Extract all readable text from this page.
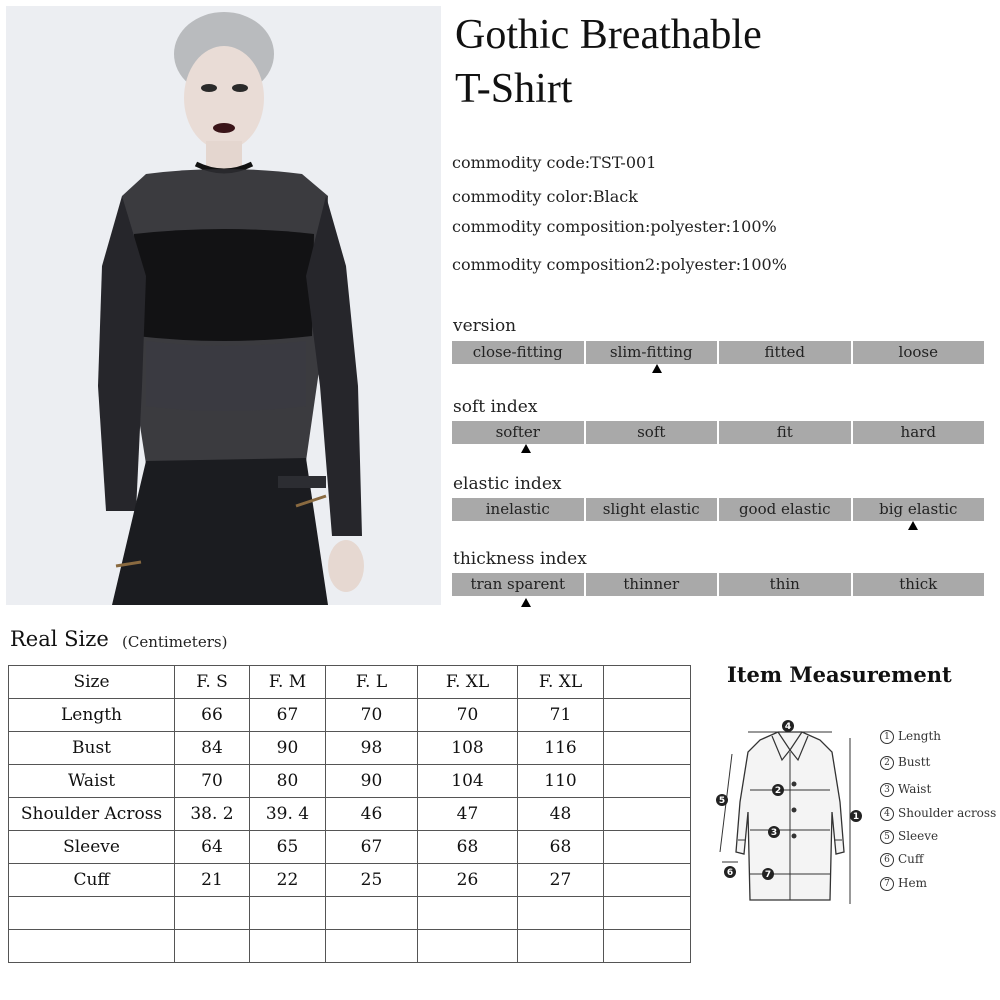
Gothic Breathable
T-Shirt
commodity code:TST-001
commodity color:Black
commodity composition:polyester:100%
commodity composition2:polyester:100%
version
close-fitting	slim-fitting	fitted	loose
soft index
softer	soft	fit	hard
elastic index
inelastic	slight elastic	good elastic	big elastic
thickness index
tran sparent	thinner	thin	thick
Real Size (Centimeters)
Size	F. S	F. M	F. L	F. XL	F. XL	
Length	66	67	70	70	71	
Bust	84	90	98	108	116	
Waist	70	80	90	104	110	
Shoulder Across	38. 2	39. 4	46	47	48	
Sleeve	64	65	67	68	68	
Cuff	21	22	25	26	27	

Item Measurement
1
2
3
4
5
6	7
1 Length
2 Bustt
3 Waist
4 Shoulder across
5 Sleeve
6 Cuff
7 Hem
